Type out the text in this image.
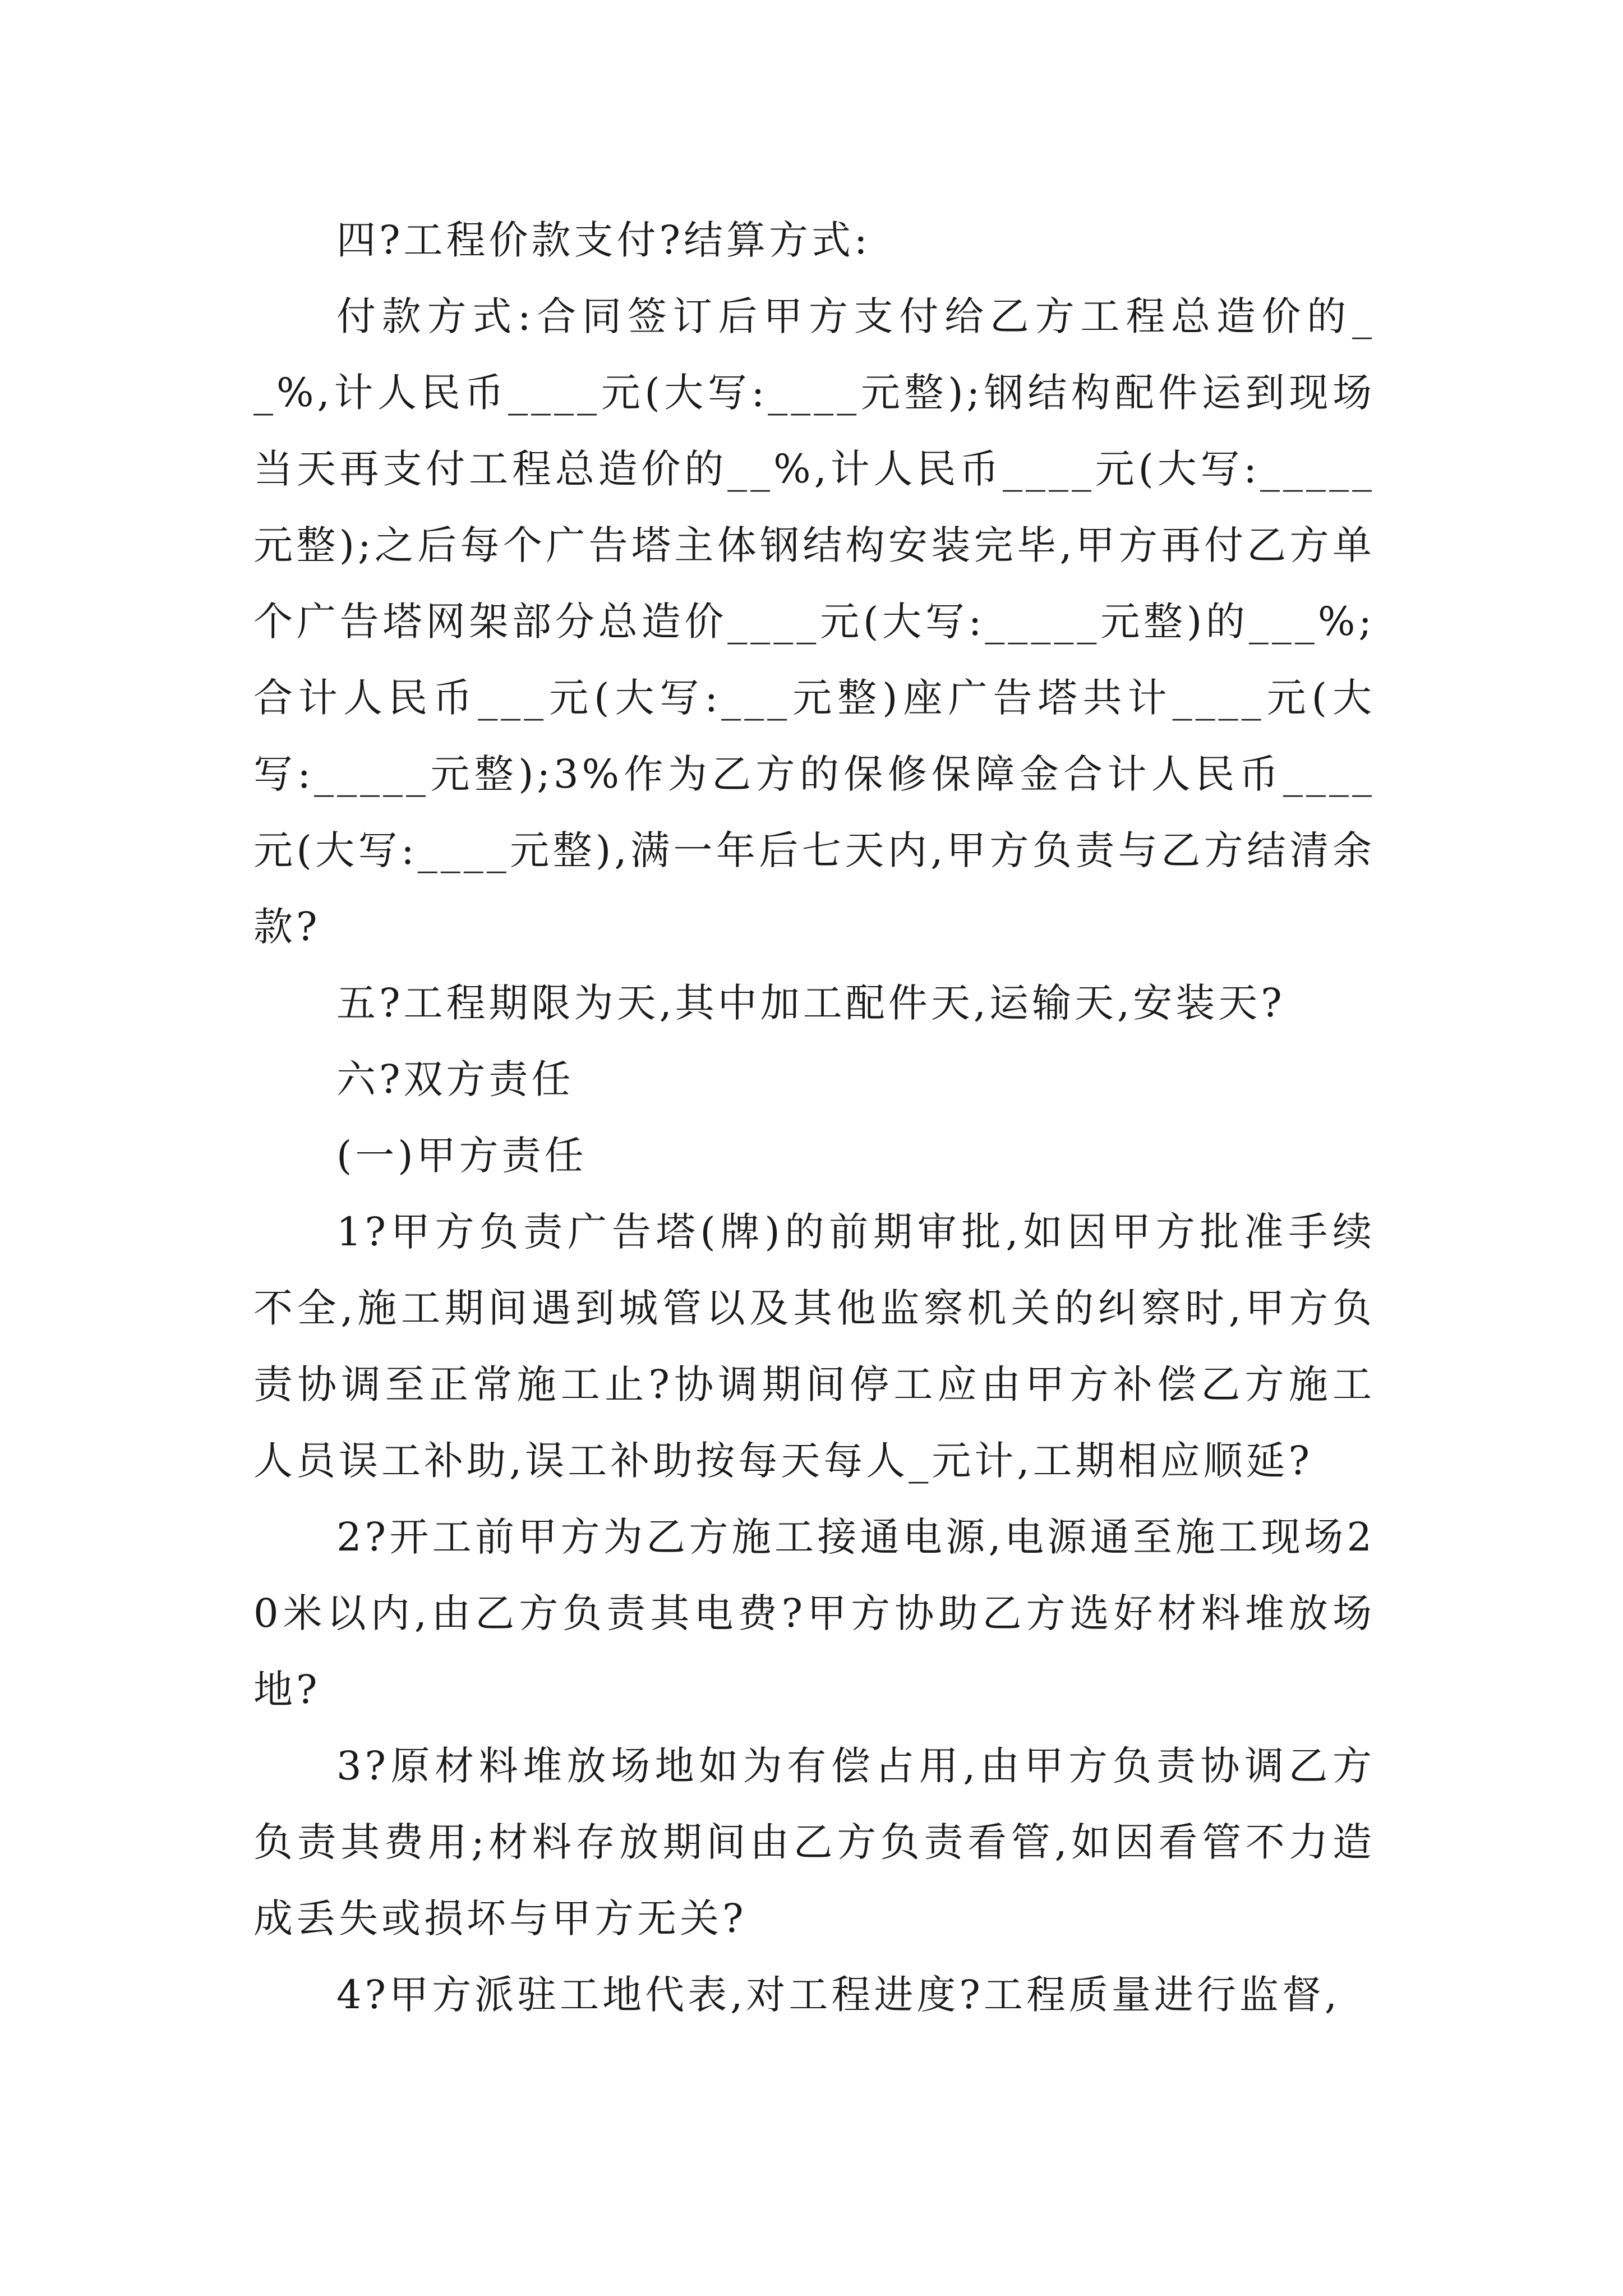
四?工程价款支付?结算方式:

付款方式:合同签订后甲方支付给乙方工程总造价的__%,计人民币____元(大写:____元整);钢结构配件运到现场当天再支付工程总造价的__%,计人民币____元(大写:_____元整);之后每个广告塔主体钢结构安装完毕,甲方再付乙方单个广告塔网架部分总造价____元(大写:_____元整)的___%;合计人民币___元(大写:___元整)座广告塔共计____元(大写:_____元整);3%作为乙方的保修保障金合计人民币____元(大写:____元整),满一年后七天内,甲方负责与乙方结清余款?

五?工程期限为天,其中加工配件天,运输天,安装天?

六?双方责任

(一)甲方责任

1?甲方负责广告塔(牌)的前期审批,如因甲方批准手续不全,施工期间遇到城管以及其他监察机关的纠察时,甲方负责协调至正常施工止?协调期间停工应由甲方补偿乙方施工人员误工补助,误工补助按每天每人_元计,工期相应顺延?

2?开工前甲方为乙方施工接通电源,电源通至施工现场20米以内,由乙方负责其电费?甲方协助乙方选好材料堆放场地?

3?原材料堆放场地如为有偿占用,由甲方负责协调乙方负责其费用;材料存放期间由乙方负责看管,如因看管不力造成丢失或损坏与甲方无关?

4?甲方派驻工地代表,对工程进度?工程质量进行监督,
